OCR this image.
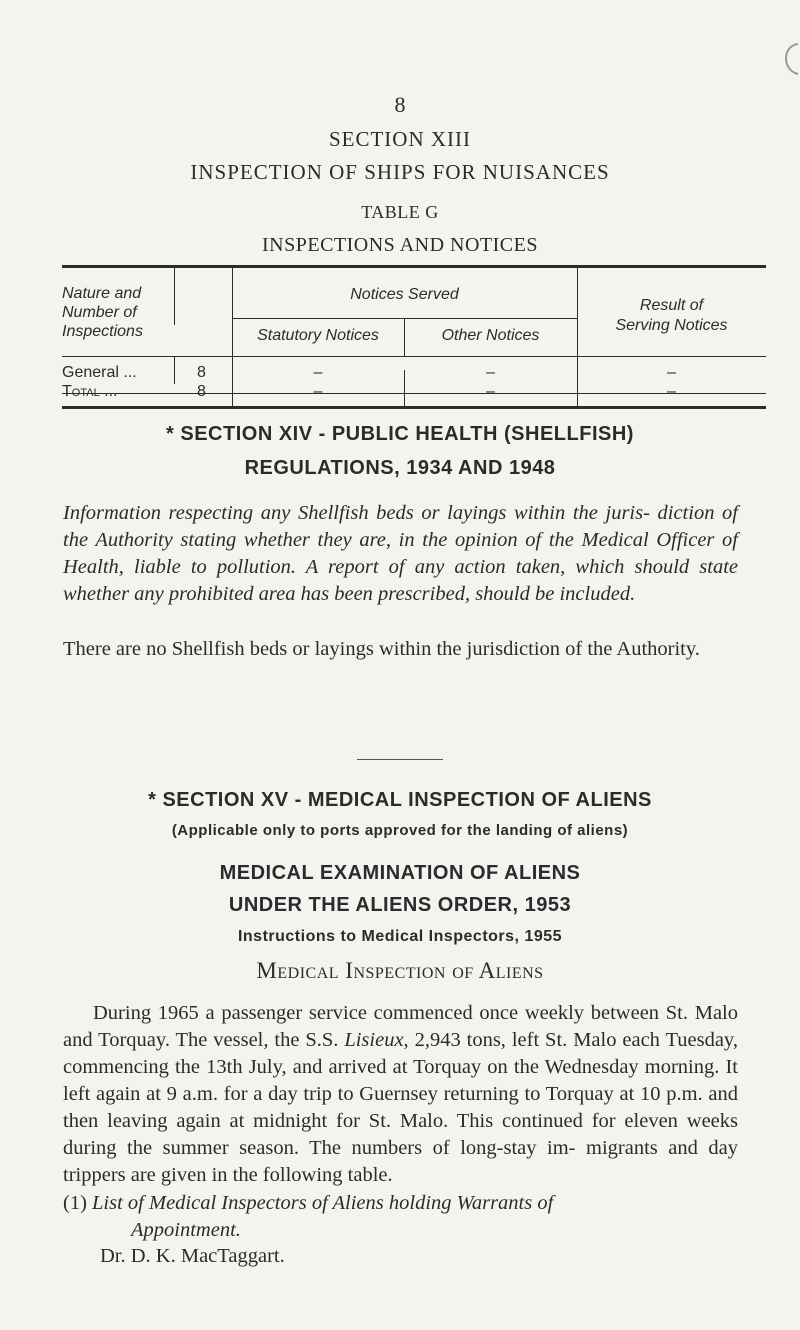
8
SECTION XIII
INSPECTION OF SHIPS FOR NUISANCES
TABLE G
INSPECTIONS AND NOTICES
Nature and
Number of
Inspections
Notices Served
Statutory Notices	Other Notices
Result of
Serving Notices
General ...	8	–	–	–
Total ...	8	–	–	–
* SECTION XIV - PUBLIC HEALTH (SHELLFISH)
REGULATIONS, 1934 AND 1948
Information respecting any Shellfish beds or layings within the juris- diction of the Authority stating whether they are, in the opinion of the Medical Officer of Health, liable to pollution. A report of any action taken, which should state whether any prohibited area has been prescribed, should be included.
There are no Shellfish beds or layings within the jurisdiction of the Authority.
* SECTION XV - MEDICAL INSPECTION OF ALIENS
(Applicable only to ports approved for the landing of aliens)
MEDICAL EXAMINATION OF ALIENS
UNDER THE ALIENS ORDER, 1953
Instructions to Medical Inspectors, 1955
Medical Inspection of Aliens
During 1965 a passenger service commenced once weekly between St. Malo and Torquay. The vessel, the S.S. Lisieux, 2,943 tons, left St. Malo each Tuesday, commencing the 13th July, and arrived at Torquay on the Wednesday morning. It left again at 9 a.m. for a day trip to Guernsey returning to Torquay at 10 p.m. and then leaving again at midnight for St. Malo. This continued for eleven weeks during the summer season. The numbers of long-stay im- migrants and day trippers are given in the following table.
(1) List of Medical Inspectors of Aliens holding Warrants of
Appointment.
Dr. D. K. MacTaggart.
